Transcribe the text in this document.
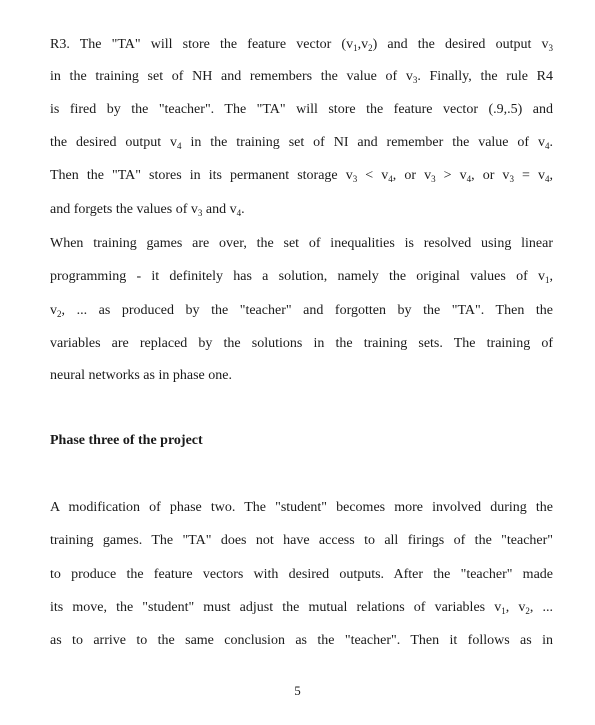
R3. The "TA" will store the feature vector $(v_1,v_2)$ and the desired output $v_3$
in the training set of NH and remembers the value of $v_3$. Finally, the rule R4
is fired by the "teacher". The "TA" will store the feature vector (.9,.5) and
the desired output $v_4$ in the training set of NI and remember the value of $v_4$.
Then the "TA" stores in its permanent storage $v_3 < v_4$, or $v_3 > v_4$, or $v_3 = v_4$,
and forgets the values of $v_3$ and $v_4$.
When training games are over, the set of inequalities is resolved using linear
programming - it definitely has a solution, namely the original values of $v_1$,
$v_2$, ... as produced by the "teacher" and forgotten by the "TA". Then the
variables are replaced by the solutions in the training sets. The training of
neural networks as in phase one.
Phase three of the project
A modification of phase two. The "student" becomes more involved during the
training games. The "TA" does not have access to all firings of the "teacher"
to produce the feature vectors with desired outputs. After the "teacher" made
its move, the "student" must adjust the mutual relations of variables $v_1$, $v_2$, ...
as to arrive to the same conclusion as the "teacher". Then it follows as in
5
